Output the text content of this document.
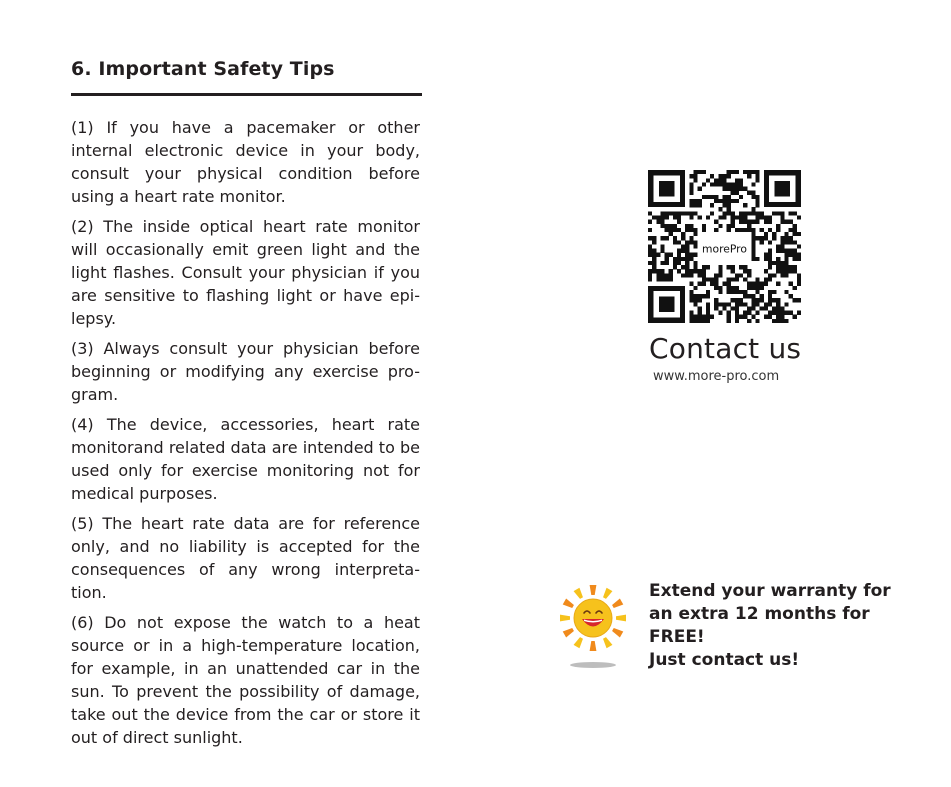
6. Important Safety Tips

(1) If you have a pacemaker or other internal electronic device in your body, consult your physical condition before using a heart rate monitor.

(2) The inside optical heart rate monitor will occasionally emit green light and the light flashes. Consult your physician if you are sensitive to flashing light or have epi-lepsy.

(3) Always consult your physician before beginning or modifying any exercise pro-gram.

(4) The device, accessories, heart rate monitorand related data are intended to be used only for exercise monitoring not for medical purposes.

(5) The heart rate data are for reference only, and no liability is accepted for the consequences of any wrong interpreta-tion.

(6) Do not expose the watch to a heat source or in a high-temperature location, for example, in an unattended car in the sun. To prevent the possibility of damage, take out the device from the car or store it out of direct sunlight.

morePro
Contact us
www.more-pro.com

Extend your warranty for
an extra 12 months for
FREE!
Just contact us!
